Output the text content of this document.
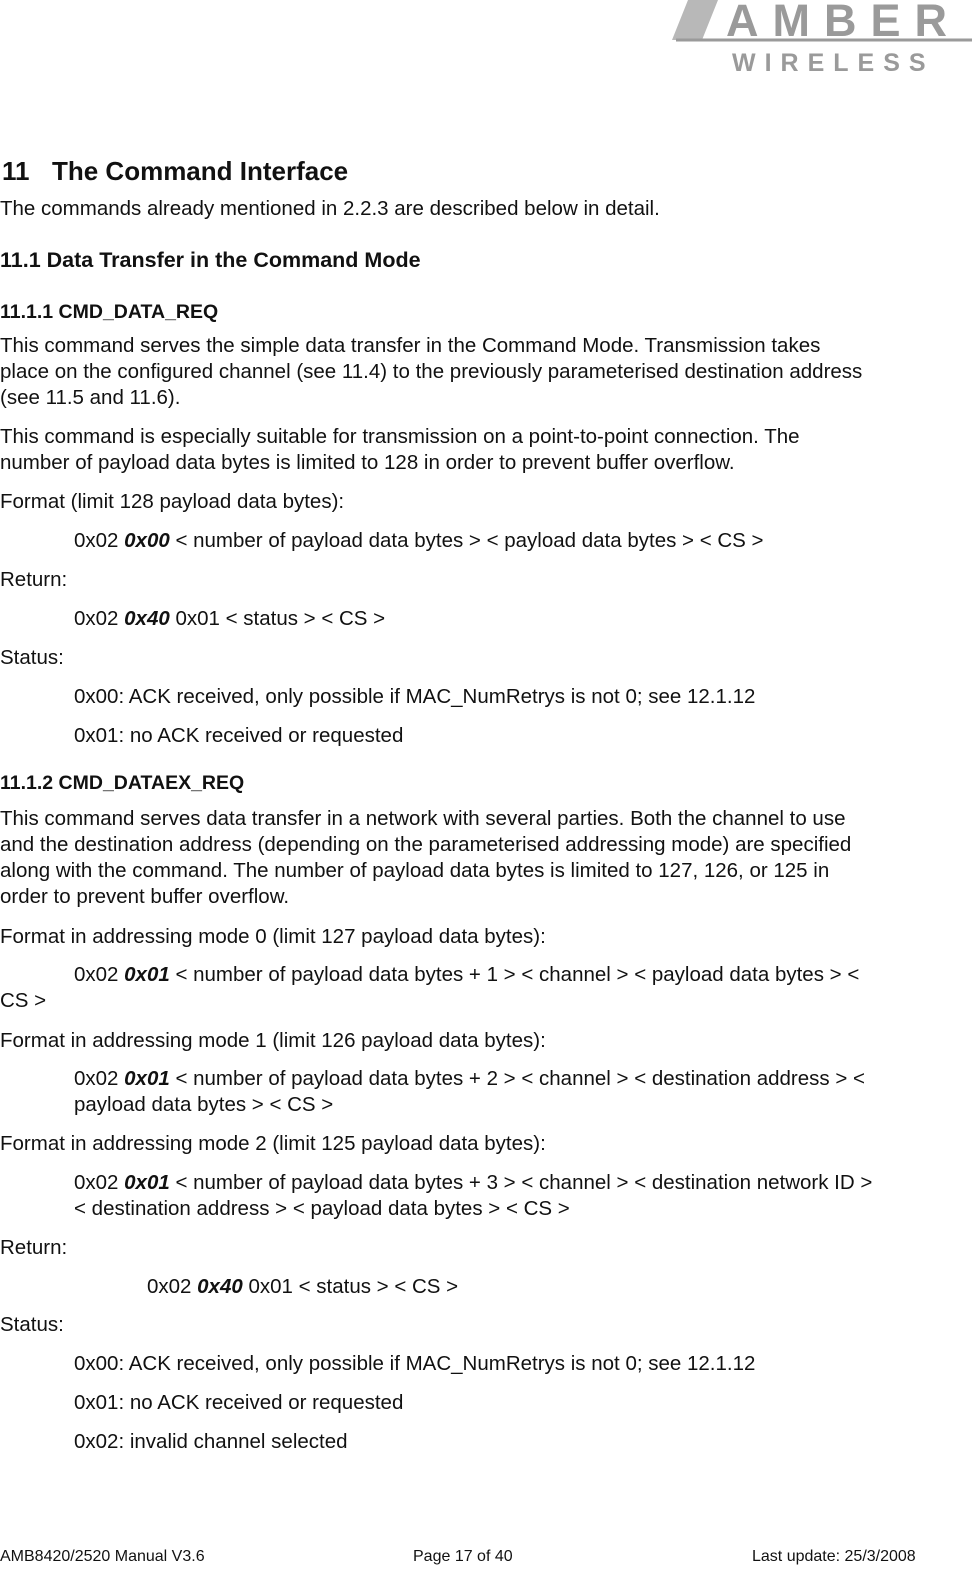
AMBER
WIRELESS
11 The Command Interface
The commands already mentioned in 2.2.3 are described below in detail.
11.1 Data Transfer in the Command Mode
11.1.1 CMD_DATA_REQ
This command serves the simple data transfer in the Command Mode. Transmission takes
place on the configured channel (see 11.4) to the previously parameterised destination address
(see 11.5 and 11.6).
This command is especially suitable for transmission on a point-to-point connection. The
number of payload data bytes is limited to 128 in order to prevent buffer overflow.
Format (limit 128 payload data bytes):
0x02 0x00 < number of payload data bytes > < payload data bytes > < CS >
Return:
0x02 0x40 0x01 < status > < CS >
Status:
0x00: ACK received, only possible if MAC_NumRetrys is not 0; see 12.1.12
0x01: no ACK received or requested
11.1.2 CMD_DATAEX_REQ
This command serves data transfer in a network with several parties. Both the channel to use
and the destination address (depending on the parameterised addressing mode) are specified
along with the command. The number of payload data bytes is limited to 127, 126, or 125 in
order to prevent buffer overflow.
Format in addressing mode 0 (limit 127 payload data bytes):
0x02 0x01 < number of payload data bytes + 1 > < channel > < payload data bytes > <
CS >
Format in addressing mode 1 (limit 126 payload data bytes):
0x02 0x01 < number of payload data bytes + 2 > < channel > < destination address > <
payload data bytes > < CS >
Format in addressing mode 2 (limit 125 payload data bytes):
0x02 0x01 < number of payload data bytes + 3 > < channel > < destination network ID >
< destination address > < payload data bytes > < CS >
Return:
0x02 0x40 0x01 < status > < CS >
Status:
0x00: ACK received, only possible if MAC_NumRetrys is not 0; see 12.1.12
0x01: no ACK received or requested
0x02: invalid channel selected
AMB8420/2520 Manual V3.6	Page 17 of 40	Last update: 25/3/2008
